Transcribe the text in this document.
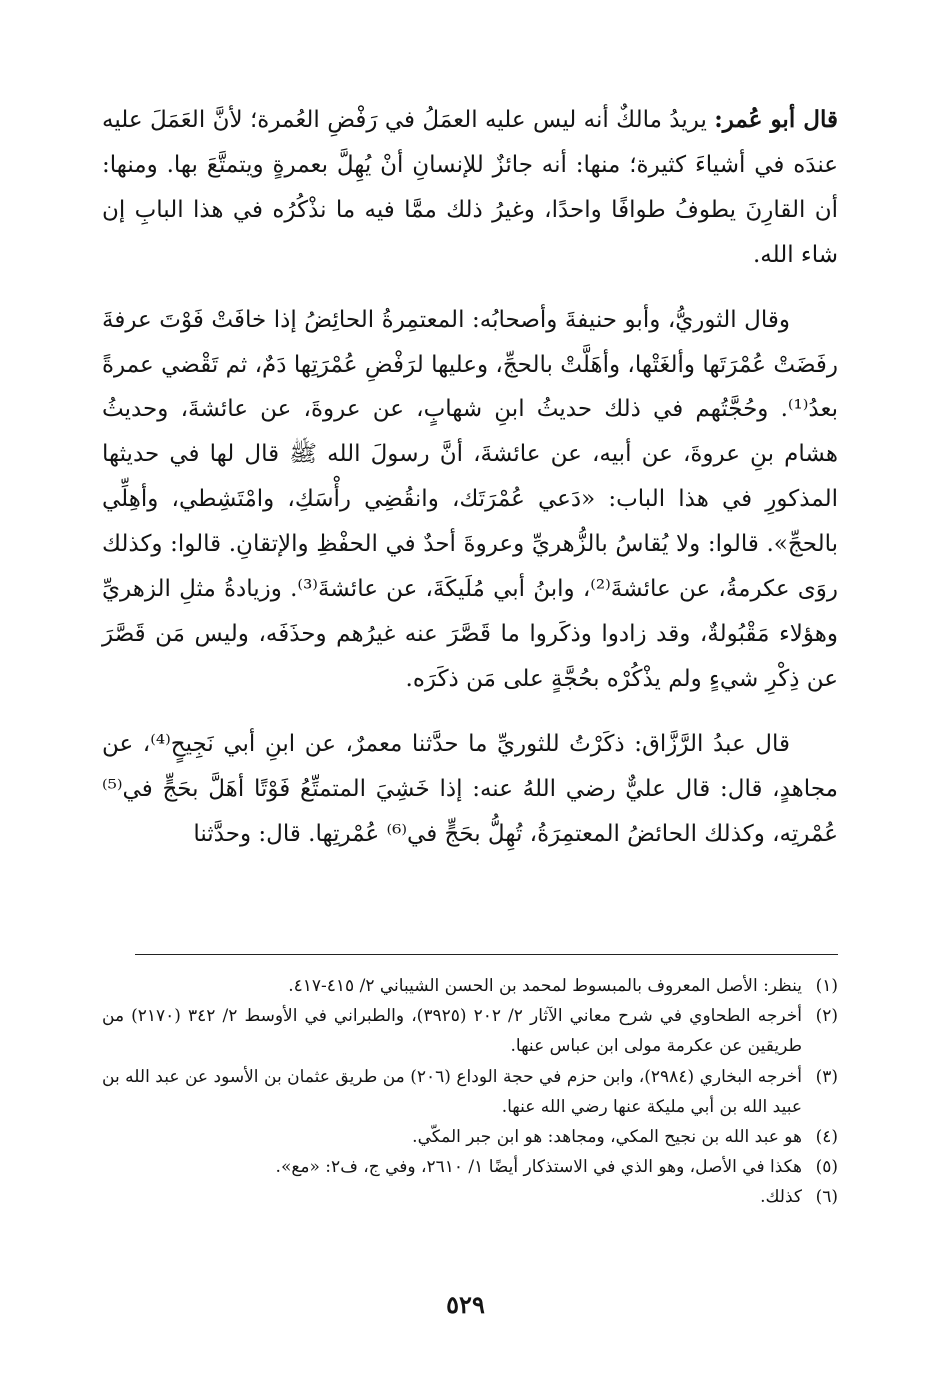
قال أبو عُمر: يريدُ مالكٌ أنه ليس عليه العمَلُ في رَفْضِ العُمرة؛ لأنَّ العَمَلَ عليه عندَه في أشياءَ كثيرة؛ منها: أنه جائزٌ للإنسانِ أنْ يُهِلَّ بعمرةٍ ويتمتَّعَ بها. ومنها: أن القارِنَ يطوفُ طوافًا واحدًا، وغيرُ ذلك ممَّا فيه ما نذْكُرُه في هذا البابِ إن شاء الله.

وقال الثوريُّ، وأبو حنيفةَ وأصحابُه: المعتمِرةُ الحائِضُ إذا خافَتْ فَوْتَ عرفةَ رفَضَتْ عُمْرَتَها وألغَتْها، وأهَلَّتْ بالحجِّ، وعليها لرَفْضِ عُمْرَتِها دَمٌ، ثم تَقْضي عمرةً بعدُ⁽¹⁾. وحُجَّتُهم في ذلك حديثُ ابنِ شهابٍ، عن عروةَ، عن عائشةَ، وحديثُ هشام بنِ عروةَ، عن أبيه، عن عائشةَ، أنَّ رسولَ الله ﷺ قال لها في حديثها المذكورِ في هذا الباب: «دَعي عُمْرَتَك، وانقُضِي رأْسَكِ، وامْتَشِطي، وأهِلِّي بالحجِّ». قالوا: ولا يُقاسُ بالزُّهريِّ وعروةَ أحدٌ في الحفْظِ والإتقانِ. قالوا: وكذلك روَى عكرمةُ، عن عائشةَ⁽²⁾، وابنُ أبي مُلَيكَةَ، عن عائشةَ⁽³⁾. وزيادةُ مثلِ الزهريِّ وهؤلاء مَقْبُولةٌ، وقد زادوا وذكَروا ما قَصَّرَ عنه غيرُهم وحذَفَه، وليس مَن قَصَّرَ عن ذِكْرِ شيءٍ ولم يذْكُرْه بحُجَّةٍ على مَن ذكَرَه.

قال عبدُ الرَّزَّاق: ذكَرْتُ للثوريِّ ما حدَّثنا معمرٌ، عن ابنِ أبي نَجِيحٍ⁽⁴⁾، عن مجاهدٍ، قال: قال عليٌّ رضي اللهُ عنه: إذا خَشِيَ المتمتِّعُ فَوْتًا أهَلَّ بحَجٍّ في⁽⁵⁾ عُمْرتِه، وكذلك الحائضُ المعتمِرَةُ، تُهِلُّ بحَجٍّ في⁽⁶⁾ عُمْرتِها. قال: وحدَّثنا

(١)ينظر: الأصل المعروف بالمبسوط لمحمد بن الحسن الشيباني ٢/ ٤١٥-٤١٧.

(٢)أخرجه الطحاوي في شرح معاني الآثار ٢/ ٢٠٢ (٣٩٢٥)، والطبراني في الأوسط ٢/ ٣٤٢ (٢١٧٠) من طريقين عن عكرمة مولى ابن عباس عنها.

(٣)أخرجه البخاري (٢٩٨٤)، وابن حزم في حجة الوداع (٢٠٦) من طريق عثمان بن الأسود عن عبد الله بن عبيد الله بن أبي مليكة عنها رضي الله عنها.

(٤)هو عبد الله بن نجيح المكي، ومجاهد: هو ابن جبر المكّي.

(٥)هكذا في الأصل، وهو الذي في الاستذكار أيضًا ١/ ٢٦١٠، وفي ج، ف٢: «مع».

(٦)كذلك.

٥٢٩
